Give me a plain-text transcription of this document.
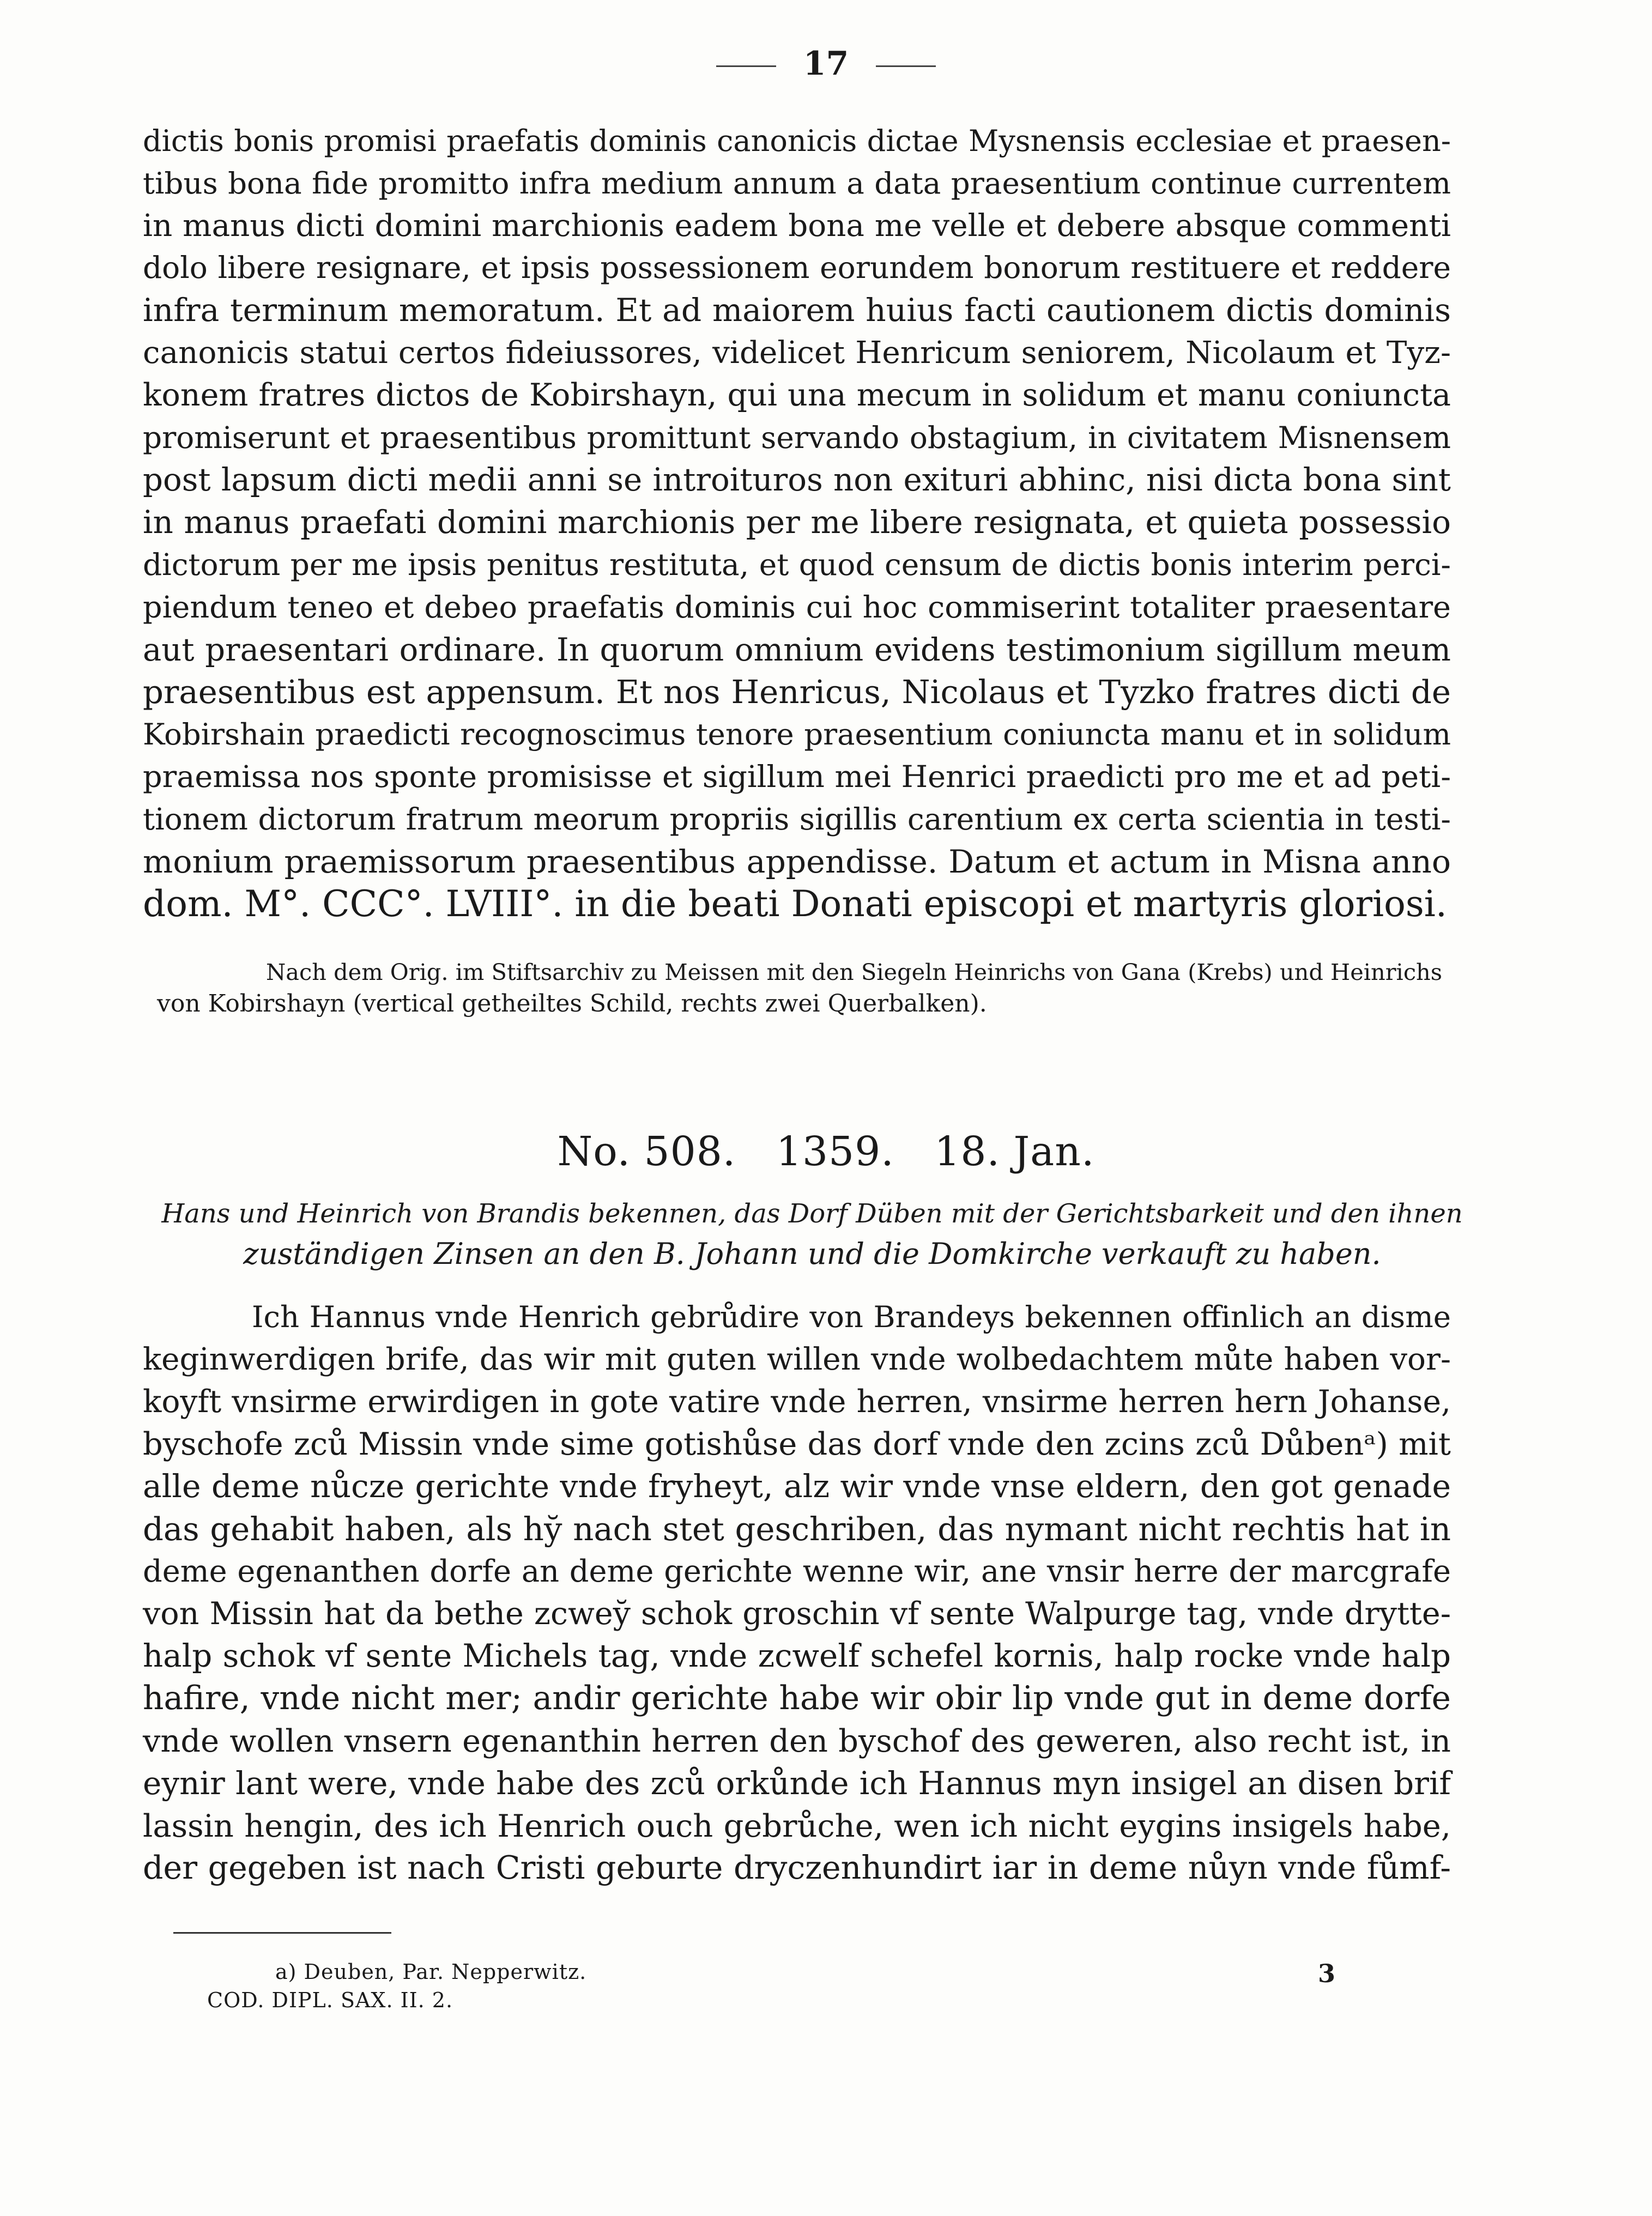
17
dictis bonis promisi praefatis dominis canonicis dictae Mysnensis ecclesiae et praesen-
tibus bona fide promitto infra medium annum a data praesentium continue currentem
in manus dicti domini marchionis eadem bona me velle et debere absque commenti
dolo libere resignare, et ipsis possessionem eorundem bonorum restituere et reddere
infra terminum memoratum. Et ad maiorem huius facti cautionem dictis dominis
canonicis statui certos fideiussores, videlicet Henricum seniorem, Nicolaum et Tyz-
konem fratres dictos de Kobirshayn, qui una mecum in solidum et manu coniuncta
promiserunt et praesentibus promittunt servando obstagium, in civitatem Misnensem
post lapsum dicti medii anni se introituros non exituri abhinc, nisi dicta bona sint
in manus praefati domini marchionis per me libere resignata, et quieta possessio
dictorum per me ipsis penitus restituta, et quod censum de dictis bonis interim perci-
piendum teneo et debeo praefatis dominis cui hoc commiserint totaliter praesentare
aut praesentari ordinare. In quorum omnium evidens testimonium sigillum meum
praesentibus est appensum. Et nos Henricus, Nicolaus et Tyzko fratres dicti de
Kobirshain praedicti recognoscimus tenore praesentium coniuncta manu et in solidum
praemissa nos sponte promisisse et sigillum mei Henrici praedicti pro me et ad peti-
tionem dictorum fratrum meorum propriis sigillis carentium ex certa scientia in testi-
monium praemissorum praesentibus appendisse. Datum et actum in Misna anno
dom. M°. CCC°. LVIII°. in die beati Donati episcopi et martyris gloriosi.
Nach dem Orig. im Stiftsarchiv zu Meissen mit den Siegeln Heinrichs von Gana (Krebs) und Heinrichs
von Kobirshayn (vertical getheiltes Schild, rechts zwei Querbalken).
No. 508.   1359.   18. Jan.
Hans und Heinrich von Brandis bekennen, das Dorf Düben mit der Gerichtsbarkeit und den ihnen
zuständigen Zinsen an den B. Johann und die Domkirche verkauft zu haben.
Ich Hannus vnde Henrich gebrůdire von Brandeys bekennen offinlich an disme
keginwerdigen brife, das wir mit guten willen vnde wolbedachtem můte haben vor-
koyft vnsirme erwirdigen in gote vatire vnde herren, vnsirme herren hern Johanse,
byschofe zců Missin vnde sime gotishůse das dorf vnde den zcins zců Důbenᵃ) mit
alle deme nůcze gerichte vnde fryheyt, alz wir vnde vnse eldern, den got genade
das gehabit haben, als hy̆ nach stet geschriben, das nymant nicht rechtis hat in
deme egenanthen dorfe an deme gerichte wenne wir, ane vnsir herre der marcgrafe
von Missin hat da bethe zcwey̆ schok groschin vf sente Walpurge tag, vnde drytte-
halp schok vf sente Michels tag, vnde zcwelf schefel kornis, halp rocke vnde halp
hafire, vnde nicht mer; andir gerichte habe wir obir lip vnde gut in deme dorfe
vnde wollen vnsern egenanthin herren den byschof des geweren, also recht ist, in
eynir lant were, vnde habe des zců orkůnde ich Hannus myn insigel an disen brif
lassin hengin, des ich Henrich ouch gebrůche, wen ich nicht eygins insigels habe,
der gegeben ist nach Cristi geburte dryczenhundirt iar in deme nůyn vnde fůmf-
a) Deuben, Par. Nepperwitz.
COD. DIPL. SAX. II. 2.
3
